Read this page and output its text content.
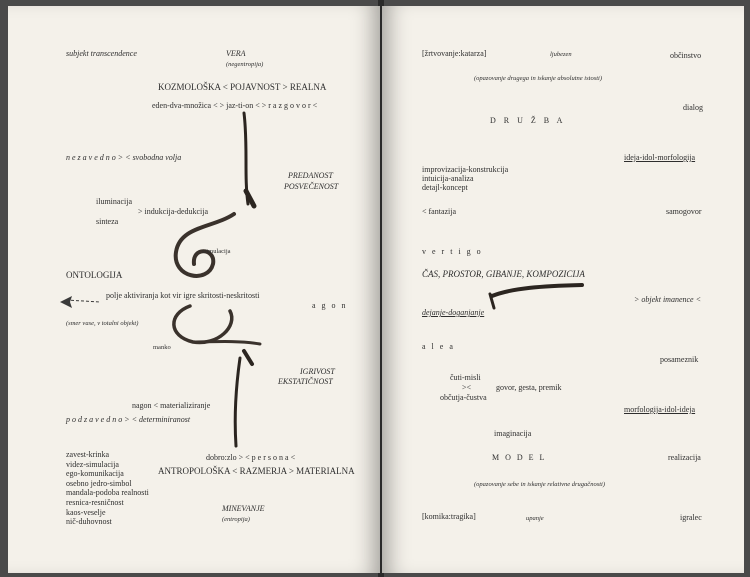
subjekt transcendence	VERA
(negentropija)
KOZMOLOŠKA < POJAVNOST > REALNA
eden-dva-množica < > jaz-ti-on < > r a z g o v o r <
n e z a v e d n o > < svobodna volja
PREDANOST
POSVEČENOST
iluminacija
> indukcija-dedukcija
sinteza
stimulacija
ONTOLOGIJA
polje aktiviranja kot vir igre skritosti-neskritosti
a g o n
(smer vase, v totalni objekt)
manko
IGRIVOST
EKSTATIČNOST
nagon < materializiranje
p o d z a v e d n o > < determiniranost
dobro:zlo > < p e r s o n a <
ANTROPOLOŠKA < RAZMERJA > MATERIALNA
zavest-krinka
videz-simulacija
ego-komunikacija
osebno jedro-simbol
mandala-podoba realnosti
resnica-resničnost
kaos-veselje
nič-duhovnost
MINEVANJE
(entropija)
[žrtvovanje:katarza]	ljubezen	občinstvo
(opazovanje drugega in iskanje absolutne istosti)
dialog
D R U Ž B A
ideja-idol-morfologija
improvizacija-konstrukcija
intuicija-analiza
detajl-koncept
< fantazija	samogovor
v e r t i g o
ČAS, PROSTOR, GIBANJE, KOMPOZICIJA
> objekt imanence <
dejanje-doganjanje
a l e a
posameznik
čuti-misli
><	govor, gesta, premik
občutja-čustva
morfologija-idol-ideja
imaginacija
M O D E L	realizacija
(opazovanje sebe in iskanje relativne drugačnosti)
[komika:tragika]	upanje	igralec
